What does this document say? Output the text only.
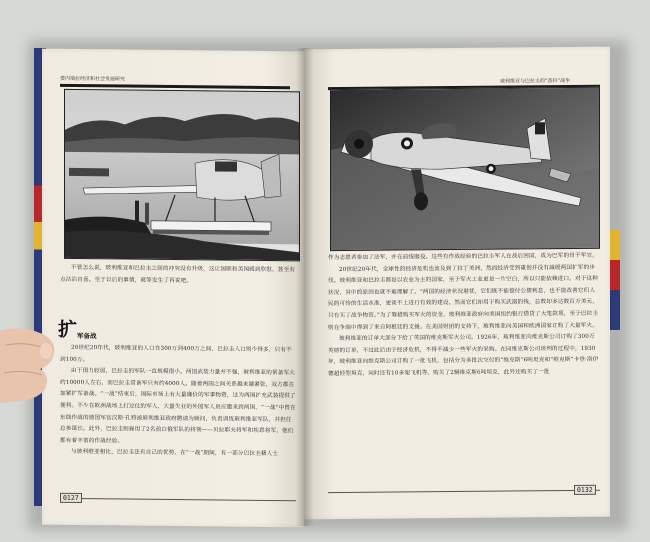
委内瑞拉经济和社会发展研究

不管怎么说，玻利维亚和巴拉圭之间的冲突没有升级，这让国联和美国感到欣慰，甚至有点沾沾自喜。至于以后的事情，就等发生了再说吧。

扩军备战

20世纪20年代，玻利维亚的人口在300万到400万之间，巴拉圭人口则少得多，只有不到100万。

由于国力较弱，巴拉圭的军队一直规模很小。两国武装力量并不强，玻利维亚的常备军大约10000人左右，而巴拉圭常备军只有约4000人。随着两国之间关系越来越紧张，双方都在加紧扩军备战。“一战”结束后，国际市场上有大量廉价的军事物资，这为两国扩充武装提供了便利。不少在欧洲战场上打过仗的军人，大量失业的外国军人员应邀来到两国，“一战”中曾在东线作战的德国军官汉斯·孔特被玻利维亚政府聘请为顾问，负责训练玻利维亚军队，并担任总参谋长。此外，巴拉圭则雇用了2名前白俄军队的将领——贝拉耶夫将军和埃恩将军，他们都有着丰富的作战经验。

与玻利维亚相比，巴拉圭还有自己的优势，在“一战”期间，有一部分巴拉圭籍人士

0127
玻利维亚与巴拉圭的“查科”战争

作为志愿者参加了法军，并在前线服役。这些有作战经验的巴拉圭军人在战后回国，成为巴军的骨干军官。

20世纪20年代，全球性的经济危机也波及到了拉丁美洲，然而经济受到重创并没有减缓两国扩军的步伐。玻利维亚和巴拉圭都是以农业为主的国家，至于军火工业更是一片空白，所以只能依赖进口。对于这种状况，其中的原因也就不难理解了。“两国的经济状况堪忧，它们既不能偿付公债利息，也不能改善它们人民的可怜的生活水准，更谈不上进行有效的建设。然而它们却用于购买武器的钱，总数却多达数百万美元，只有买了战争物资。”为了筹措购买军火的资金，玻利维亚政府向美国纽约银行借贷了大笔款项，至于巴拉圭则在争端中得到了来自阿根廷的支援。在美国财团的支持下，玻利维亚向美国和欧洲国家订购了大量军火。

玻利维亚的订单大部分下给了英国的维克斯军火公司。1926年，玻利维亚向维克斯公司订购了300万英镑的订单，不过此后由于经济危机，不得不减少一些军火的采购。在同维克斯公司谈判的过程中，1930年，玻利维亚向维克斯公司订购了一批飞机，包括分为多批次交付的“维克斯”6吨坦克和“维克斯”卡登·洛伊德超轻型坦克，同时还有10多架飞机等。购买了2辆维克斯6吨坦克，此外还购买了一批

0132
